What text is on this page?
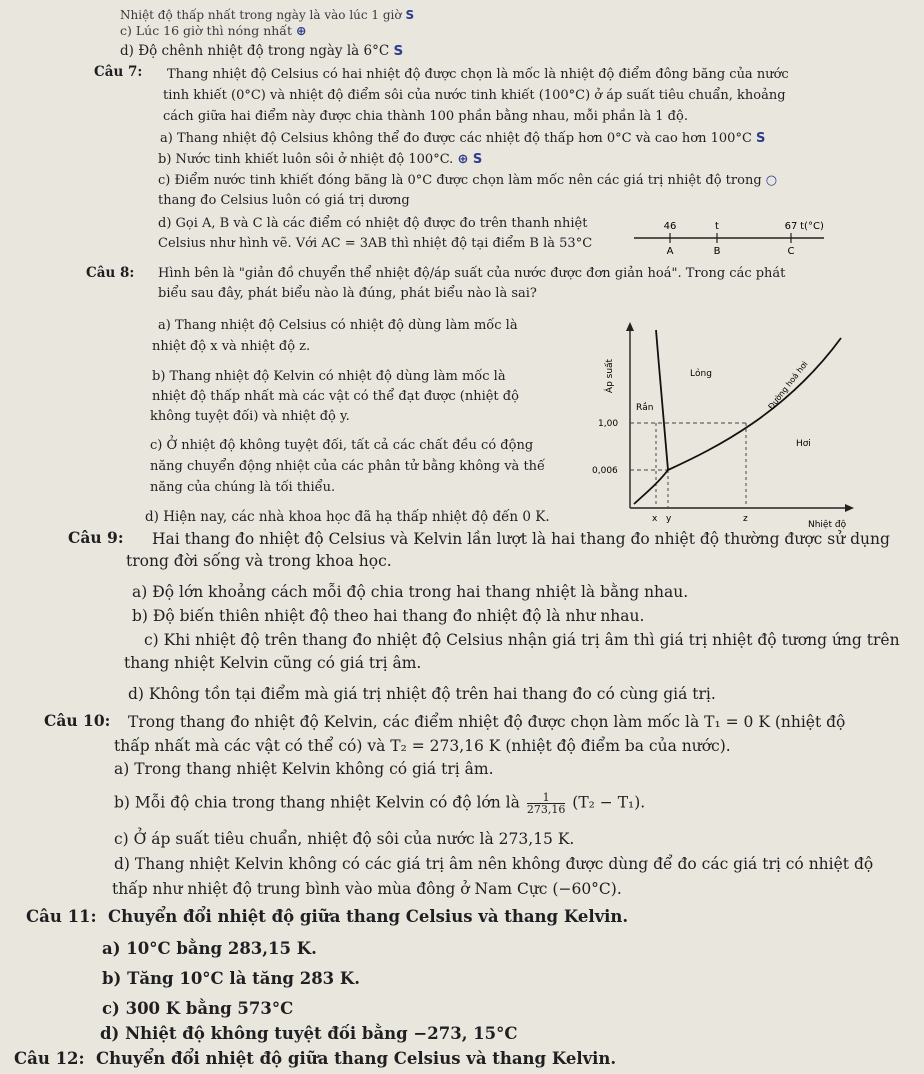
Nhiệt độ thấp nhất trong ngày là vào lúc 1 giờ S
c) Lúc 16 giờ thì nóng nhất ⊕
d) Độ chênh nhiệt độ trong ngày là 6°C S
Câu 7: Thang nhiệt độ Celsius có hai nhiệt độ được chọn là mốc là nhiệt độ điểm đông băng của nước
tinh khiết (0°C) và nhiệt độ điểm sôi của nước tinh khiết (100°C) ở áp suất tiêu chuẩn, khoảng
cách giữa hai điểm này được chia thành 100 phần bằng nhau, mỗi phần là 1 độ.
a) Thang nhiệt độ Celsius không thể đo được các nhiệt độ thấp hơn 0°C và cao hơn 100°C S
b) Nước tinh khiết luôn sôi ở nhiệt độ 100°C. ⊕ S
c) Điểm nước tinh khiết đóng băng là 0°C được chọn làm mốc nên các giá trị nhiệt độ trong ○
thang đo Celsius luôn có giá trị dương
d) Gọi A, B và C là các điểm có nhiệt độ được đo trên thanh nhiệt
Celsius như hình vẽ. Với AC = 3AB thì nhiệt độ tại điểm B là 53°C
46	t	67 t(°C)
A	B	C
Câu 8: Hình bên là "giản đồ chuyển thể nhiệt độ/áp suất của nước được đơn giản hoá". Trong các phát
biểu sau đây, phát biểu nào là đúng, phát biểu nào là sai?
a) Thang nhiệt độ Celsius có nhiệt độ dùng làm mốc là
nhiệt độ x và nhiệt độ z.
b) Thang nhiệt độ Kelvin có nhiệt độ dùng làm mốc là
nhiệt độ thấp nhất mà các vật có thể đạt được (nhiệt độ
không tuyệt đối) và nhiệt độ y.
c) Ở nhiệt độ không tuyệt đối, tất cả các chất đều có động
năng chuyển động nhiệt của các phân tử bằng không và thế
năng của chúng là tối thiểu.
d) Hiện nay, các nhà khoa học đã hạ thấp nhiệt độ đến 0 K.
Áp suất
1,00
0,006
Lỏng
Rắn
Hơi
Đường hoá hơi
x y	z
Nhiệt độ
Câu 9: Hai thang đo nhiệt độ Celsius và Kelvin lần lượt là hai thang đo nhiệt độ thường được sử dụng
trong đời sống và trong khoa học.
a) Độ lớn khoảng cách mỗi độ chia trong hai thang nhiệt là bằng nhau.
b) Độ biến thiên nhiệt độ theo hai thang đo nhiệt độ là như nhau.
c) Khi nhiệt độ trên thang đo nhiệt độ Celsius nhận giá trị âm thì giá trị nhiệt độ tương ứng trên
thang nhiệt Kelvin cũng có giá trị âm.
d) Không tồn tại điểm mà giá trị nhiệt độ trên hai thang đo có cùng giá trị.
Câu 10: Trong thang đo nhiệt độ Kelvin, các điểm nhiệt độ được chọn làm mốc là T₁ = 0 K (nhiệt độ
thấp nhất mà các vật có thể có) và T₂ = 273,16 K (nhiệt độ điểm ba của nước).
a) Trong thang nhiệt Kelvin không có giá trị âm.
b) Mỗi độ chia trong thang nhiệt Kelvin có độ lớn là $\frac{1}{273,16} (T_2 - T_1)$.
c) Ở áp suất tiêu chuẩn, nhiệt độ sôi của nước là 273,15 K.
d) Thang nhiệt Kelvin không có các giá trị âm nên không được dùng để đo các giá trị có nhiệt độ
thấp như nhiệt độ trung bình vào mùa đông ở Nam Cực (−60°C).
Câu 11: Chuyển đổi nhiệt độ giữa thang Celsius và thang Kelvin.
a) 10°C bằng 283,15 K.
b) Tăng 10°C là tăng 283 K.
c) 300 K bằng 573°C
d) Nhiệt độ không tuyệt đối bằng −273, 15°C
Câu 12: Chuyển đổi nhiệt độ giữa thang Celsius và thang Kelvin.
